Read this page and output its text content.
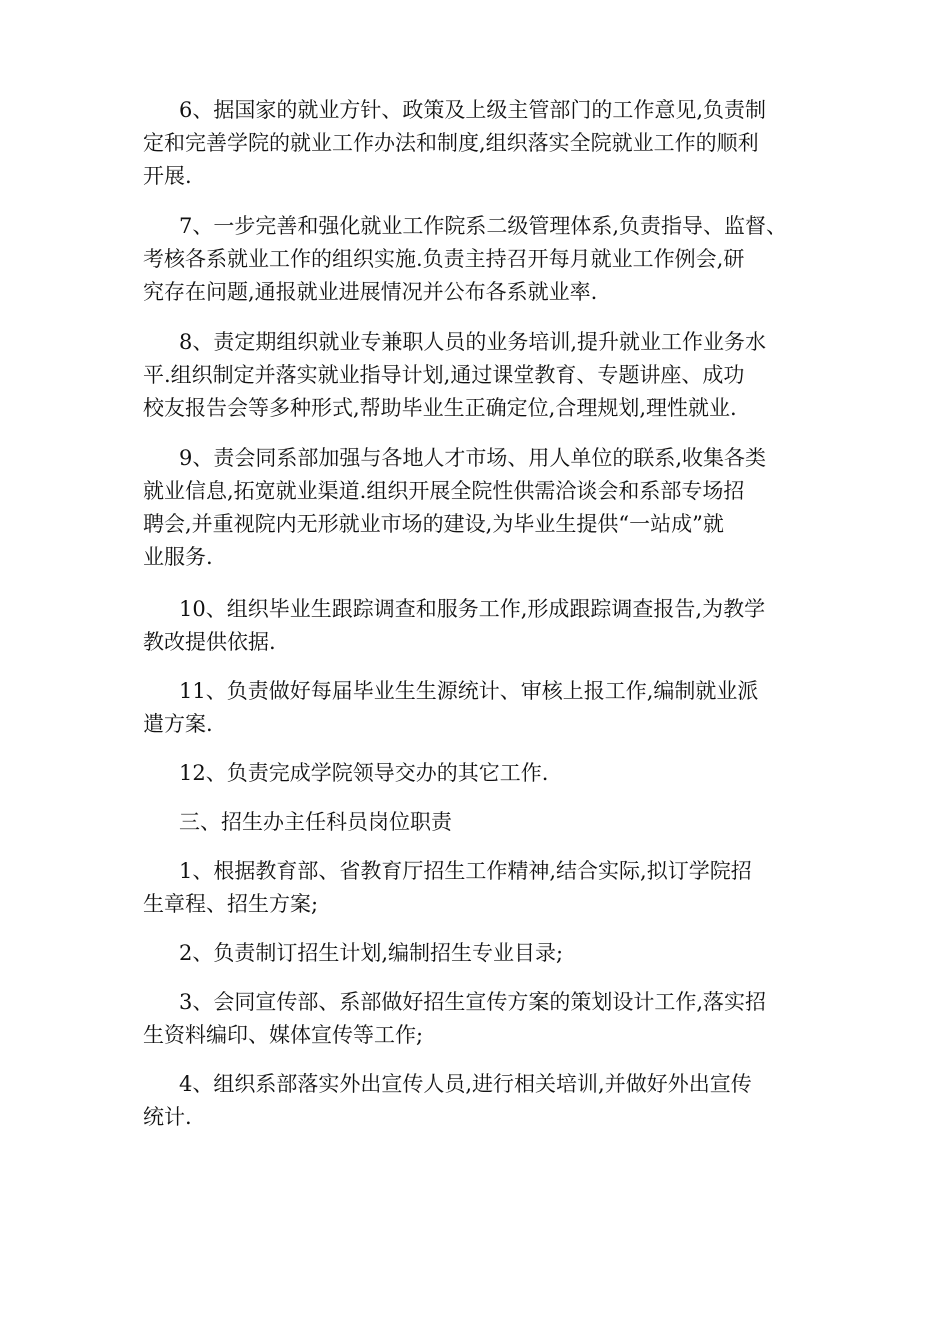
6、据国家的就业方针、政策及上级主管部门的工作意见,负责制
定和完善学院的就业工作办法和制度,组织落实全院就业工作的顺利
开展.
7、一步完善和强化就业工作院系二级管理体系,负责指导、监督、
考核各系就业工作的组织实施.负责主持召开每月就业工作例会,研
究存在问题,通报就业进展情况并公布各系就业率.
8、责定期组织就业专兼职人员的业务培训,提升就业工作业务水
平.组织制定并落实就业指导计划,通过课堂教育、专题讲座、成功
校友报告会等多种形式,帮助毕业生正确定位,合理规划,理性就业.
9、责会同系部加强与各地人才市场、用人单位的联系,收集各类
就业信息,拓宽就业渠道.组织开展全院性供需洽谈会和系部专场招
聘会,并重视院内无形就业市场的建设,为毕业生提供“一站成”就
业服务.
10、组织毕业生跟踪调查和服务工作,形成跟踪调查报告,为教学
教改提供依据.
11、负责做好每届毕业生生源统计、审核上报工作,编制就业派
遣方案.
12、负责完成学院领导交办的其它工作.
三、招生办主任科员岗位职责
1、根据教育部、省教育厅招生工作精神,结合实际,拟订学院招
生章程、招生方案;
2、负责制订招生计划,编制招生专业目录;
3、会同宣传部、系部做好招生宣传方案的策划设计工作,落实招
生资料编印、媒体宣传等工作;
4、组织系部落实外出宣传人员,进行相关培训,并做好外出宣传
统计.
